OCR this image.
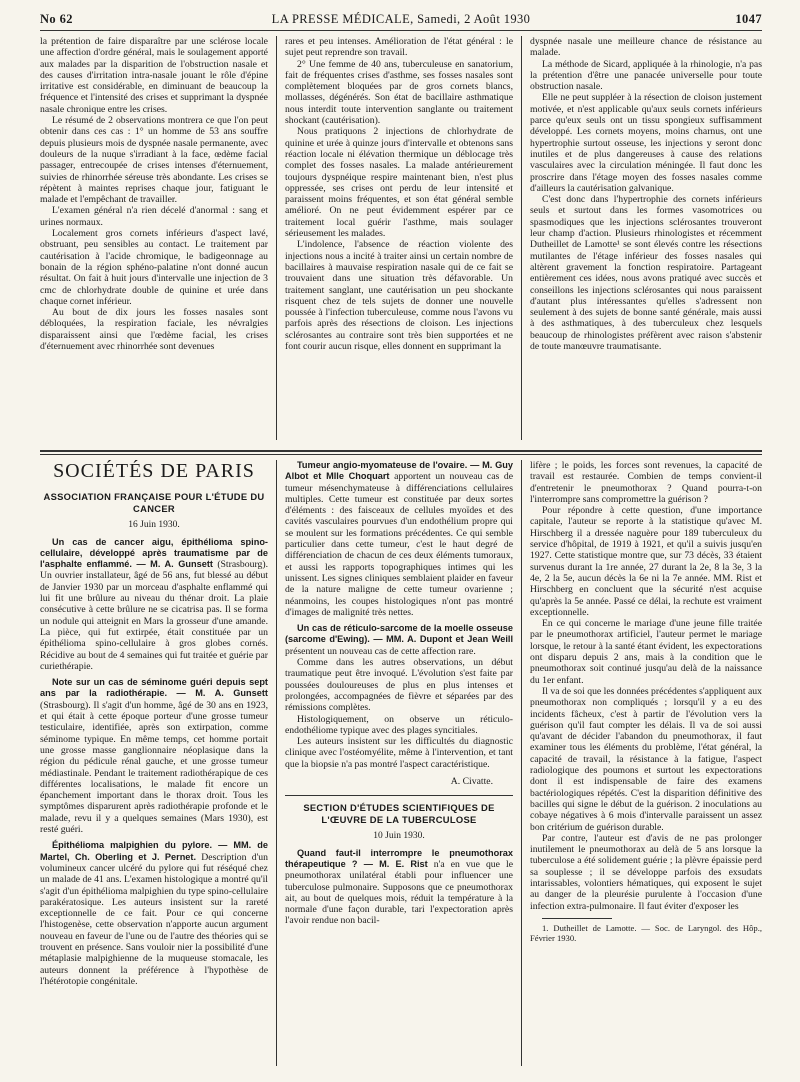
No 62	LA PRESSE MÉDICALE, Samedi, 2 Août 1930	1047

la prétention de faire disparaître par une sclérose locale une affection d'ordre général, mais le soulagement apporté aux malades par la disparition de l'obstruction nasale et des causes d'irritation intra-nasale jouant le rôle d'épine irritative est considérable, en diminuant de beaucoup la fréquence et l'intensité des crises et supprimant la dyspnée nasale chronique entre les crises.

Le résumé de 2 observations montrera ce que l'on peut obtenir dans ces cas : 1° un homme de 53 ans souffre depuis plusieurs mois de dyspnée nasale permanente, avec douleurs de la nuque s'irradiant à la face, œdème facial passager, entrecoupée de crises intenses d'éternuement, suivies de rhinorrhée séreuse très abondante. Les crises se répètent à maintes reprises chaque jour, fatiguant le malade et l'empêchant de travailler.

L'examen général n'a rien décelé d'anormal : sang et urines normaux.

Localement gros cornets inférieurs d'aspect lavé, obstruant, peu sensibles au contact. Le traitement par cautérisation à l'acide chromique, le badigeonnage au bonain de la région sphéno-palatine n'ont donné aucun résultat. On fait à huit jours d'intervalle une injection de 3 cmc de chlorhydrate double de quinine et urée dans chaque cornet inférieur.

Au bout de dix jours les fosses nasales sont débloquées, la respiration faciale, les névralgies disparaissent ainsi que l'œdème facial, les crises d'éternuement avec rhinorrhée sont devenues

rares et peu intenses. Amélioration de l'état général : le sujet peut reprendre son travail.

2° Une femme de 40 ans, tuberculeuse en sanatorium, fait de fréquentes crises d'asthme, ses fosses nasales sont complètement bloquées par de gros cornets blancs, mollasses, dégénérés. Son état de bacillaire asthmatique nous interdit toute intervention sanglante ou traitement shockant (cautérisation).

Nous pratiquons 2 injections de chlorhydrate de quinine et urée à quinze jours d'intervalle et obtenons sans réaction locale ni élévation thermique un déblocage très complet des fosses nasales. La malade antérieurement toujours dyspnéique respire maintenant bien, n'est plus oppressée, ses crises ont perdu de leur intensité et paraissent moins fréquentes, et son état général semble amélioré. On ne peut évidemment espérer par ce traitement local guérir l'asthme, mais soulager sérieusement les malades.

L'indolence, l'absence de réaction violente des injections nous a incité à traiter ainsi un certain nombre de bacillaires à mauvaise respiration nasale qui de ce fait se trouvaient dans une situation très défavorable. Un traitement sanglant, une cautérisation un peu shockante risquent chez de tels sujets de donner une nouvelle poussée à l'infection tuberculeuse, comme nous l'avons vu parfois après des résections de cloison. Les injections sclérosantes au contraire sont très bien supportées et ne font courir aucun risque, elles donnent en supprimant la

dyspnée nasale une meilleure chance de résistance au malade.

La méthode de Sicard, appliquée à la rhinologie, n'a pas la prétention d'être une panacée universelle pour toute obstruction nasale.

Elle ne peut suppléer à la résection de cloison justement motivée, et n'est applicable qu'aux seuls cornets inférieurs parce qu'eux seuls ont un tissu spongieux suffisamment développé. Les cornets moyens, moins charnus, ont une hypertrophie surtout osseuse, les injections y seront donc inutiles et de plus dangereuses à cause des relations vasculaires avec la circulation méningée. Il faut donc les proscrire dans l'étage moyen des fosses nasales comme d'ailleurs la cautérisation galvanique.

C'est donc dans l'hypertrophie des cornets inférieurs seuls et surtout dans les formes vasomotrices ou spasmodiques que les injections sclérosantes trouveront leur champ d'action. Plusieurs rhinologistes et récemment Dutheillet de Lamotte¹ se sont élevés contre les résections mutilantes de l'étage inférieur des fosses nasales qui altèrent gravement la fonction respiratoire. Partageant entièrement ces idées, nous avons pratiqué avec succès et conseillons les injections sclérosantes qui nous paraissent d'autant plus intéressantes qu'elles s'adressent non seulement à des sujets de bonne santé générale, mais aussi à des asthmatiques, à des tuberculeux chez lesquels beaucoup de rhinologistes préfèrent avec raison s'abstenir de toute manœuvre traumatisante.

SOCIÉTÉS DE PARIS
ASSOCIATION FRANÇAISE POUR L'ÉTUDE DU CANCER

16 Juin 1930.

Un cas de cancer aigu, épithélioma spino-cellulaire, développé après traumatisme par de l'asphalte enflammé. — M. A. Gunsett (Strasbourg). Un ouvrier installateur, âgé de 56 ans, fut blessé au début de Janvier 1930 par un morceau d'asphalte enflammé qui lui fit une brûlure au niveau du thénar droit. La plaie consécutive à cette brûlure ne se cicatrisa pas. Il se forma un nodule qui atteignit en Mars la grosseur d'une amande. La pièce, qui fut extirpée, était constituée par un épithélioma spino-cellulaire à gros globes cornés. Récidive au bout de 4 semaines qui fut traitée et guérie par curiethérapie.

Note sur un cas de séminome guéri depuis sept ans par la radiothérapie. — M. A. Gunsett (Strasbourg). Il s'agit d'un homme, âgé de 30 ans en 1923, et qui était à cette époque porteur d'une grosse tumeur testiculaire, identifiée, après son extirpation, comme séminome typique. En même temps, cet homme portait une grosse masse ganglionnaire néoplasique dans la région du pédicule rénal gauche, et une grosse tumeur médiastinale. Pendant le traitement radiothérapique de ces différentes localisations, le malade fit encore un épanchement important dans le thorax droit. Tous les symptômes disparurent après radiothérapie profonde et le malade, revu il y a quelques semaines (Mars 1930), est resté guéri.

Épithélioma malpighien du pylore. — MM. de Martel, Ch. Oberling et J. Pernet. Description d'un volumineux cancer ulcéré du pylore qui fut réséqué chez un malade de 41 ans. L'examen histologique a montré qu'il s'agit d'un épithélioma malpighien du type spino-cellulaire parakératosique. Les auteurs insistent sur la rareté exceptionnelle de ce fait. Pour ce qui concerne l'histogenèse, cette observation n'apporte aucun argument nouveau en faveur de l'une ou de l'autre des théories qui se trouvent en présence. Sans vouloir nier la possibilité d'une métaplasie malpighienne de la muqueuse stomacale, les auteurs donnent la préférence à l'hypothèse de l'hétérotopie congénitale.

Tumeur angio-myomateuse de l'ovaire. — M. Guy Albot et Mlle Choquart apportent un nouveau cas de tumeur mésenchymateuse à différenciations cellulaires multiples. Cette tumeur est constituée par deux sortes d'éléments : des faisceaux de cellules myoïdes et des cavités vasculaires pourvues d'un endothélium propre qui se moulent sur les formations précédentes. Ce qui semble particulier dans cette tumeur, c'est le haut degré de différenciation de chacun de ces deux éléments tumoraux, et aussi les rapports topographiques intimes qui les unissent. Les signes cliniques semblaient plaider en faveur de la nature maligne de cette tumeur ovarienne ; néanmoins, les coupes histologiques n'ont pas montré d'images de malignité très nettes.

Un cas de réticulo-sarcome de la moelle osseuse (sarcome d'Ewing). — MM. A. Dupont et Jean Weill présentent un nouveau cas de cette affection rare.

Comme dans les autres observations, un début traumatique peut être invoqué. L'évolution s'est faite par poussées douloureuses de plus en plus intenses et prolongées, accompagnées de fièvre et séparées par des rémissions complètes.

Histologiquement, on observe un réticulo-endothéliome typique avec des plages syncitiales.

Les auteurs insistent sur les difficultés du diagnostic clinique avec l'ostéomyélite, même à l'intervention, et tant que la biopsie n'a pas montré l'aspect caractéristique.

A. Civatte.

SECTION D'ÉTUDES SCIENTIFIQUES DE L'ŒUVRE DE LA TUBERCULOSE

10 Juin 1930.

Quand faut-il interrompre le pneumothorax thérapeutique ? — M. E. Rist n'a en vue que le pneumothorax unilatéral établi pour influencer une tuberculose pulmonaire. Supposons que ce pneumothorax ait, au bout de quelques mois, réduit la température à la normale d'une façon durable, tari l'expectoration après l'avoir rendue non bacil-

lifère ; le poids, les forces sont revenues, la capacité de travail est restaurée. Combien de temps convient-il d'entretenir le pneumothorax ? Quand pourra-t-on l'interrompre sans compromettre la guérison ?

Pour répondre à cette question, d'une importance capitale, l'auteur se reporte à la statistique qu'avec M. Hirschberg il a dressée naguère pour 189 tuberculeux du service d'hôpital, de 1919 à 1921, et qu'il a suivis jusqu'en 1927. Cette statistique montre que, sur 73 décès, 33 étaient survenus durant la 1re année, 27 durant la 2e, 8 la 3e, 3 la 4e, 2 la 5e, aucun décès la 6e ni la 7e année. MM. Rist et Hirschberg en concluent que la sécurité n'est acquise qu'après la 5e année. Passé ce délai, la rechute est vraiment exceptionnelle.

En ce qui concerne le mariage d'une jeune fille traitée par le pneumothorax artificiel, l'auteur permet le mariage lorsque, le retour à la santé étant évident, les expectorations ont disparu depuis 2 ans, mais à la condition que le pneumothorax soit continué jusqu'au delà de la naissance du 1er enfant.

Il va de soi que les données précédentes s'appliquent aux pneumothorax non compliqués ; lorsqu'il y a eu des incidents fâcheux, c'est à partir de l'évolution vers la guérison qu'il faut compter les délais. Il va de soi aussi qu'avant de décider l'abandon du pneumothorax, il faut examiner tous les éléments du problème, l'état général, la capacité de travail, la résistance à la fatigue, l'aspect radiologique des poumons et surtout les expectorations dont il est indispensable de faire des examens bactériologiques répétés. C'est la disparition définitive des bacilles qui signe le début de la guérison. 2 inoculations au cobaye négatives à 6 mois d'intervalle paraissent un assez bon critérium de guérison durable.

Par contre, l'auteur est d'avis de ne pas prolonger inutilement le pneumothorax au delà de 5 ans lorsque la tuberculose a été solidement guérie ; la plèvre épaissie perd sa souplesse ; il se développe parfois des exsudats intarissables, volontiers hématiques, qui exposent le sujet au danger de la pleurésie purulente à l'occasion d'une infection extra-pulmonaire. Il faut éviter d'exposer les

1. Dutheillet de Lamotte. — Soc. de Laryngol. des Hôp., Février 1930.
